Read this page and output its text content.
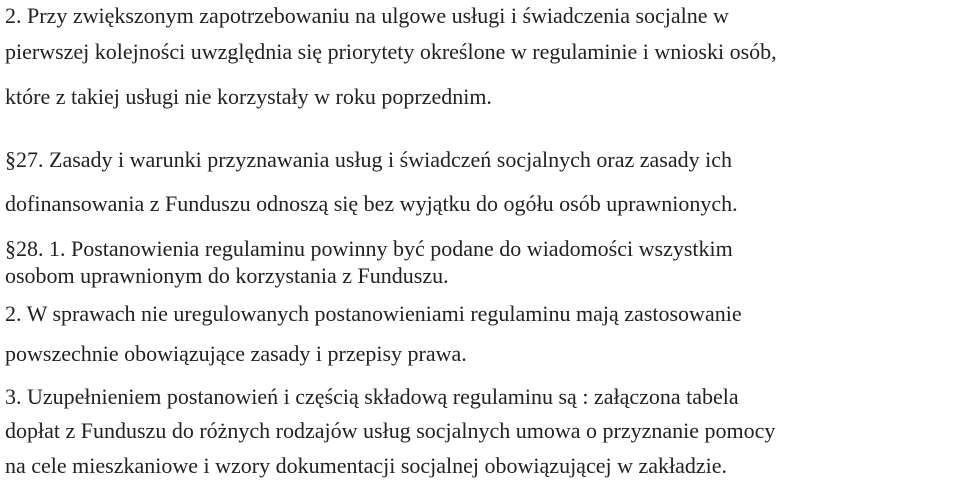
2. Przy zwiększonym zapotrzebowaniu na ulgowe usługi i świadczenia socjalne w
pierwszej kolejności uwzględnia się priorytety określone w regulaminie i wnioski osób,
które z takiej usługi nie korzystały w roku poprzednim.
§27. Zasady i warunki przyznawania usług i świadczeń socjalnych oraz zasady ich
dofinansowania z Funduszu odnoszą się bez wyjątku do ogółu osób uprawnionych.
§28. 1. Postanowienia regulaminu powinny być podane do wiadomości wszystkim
osobom uprawnionym do korzystania z Funduszu.
2. W sprawach nie uregulowanych postanowieniami regulaminu mają zastosowanie
powszechnie obowiązujące zasady i przepisy prawa.
3. Uzupełnieniem postanowień i częścią składową regulaminu są : załączona tabela
dopłat z Funduszu do różnych rodzajów usług socjalnych umowa o przyznanie pomocy
na cele mieszkaniowe i wzory dokumentacji socjalnej obowiązującej w zakładzie.
